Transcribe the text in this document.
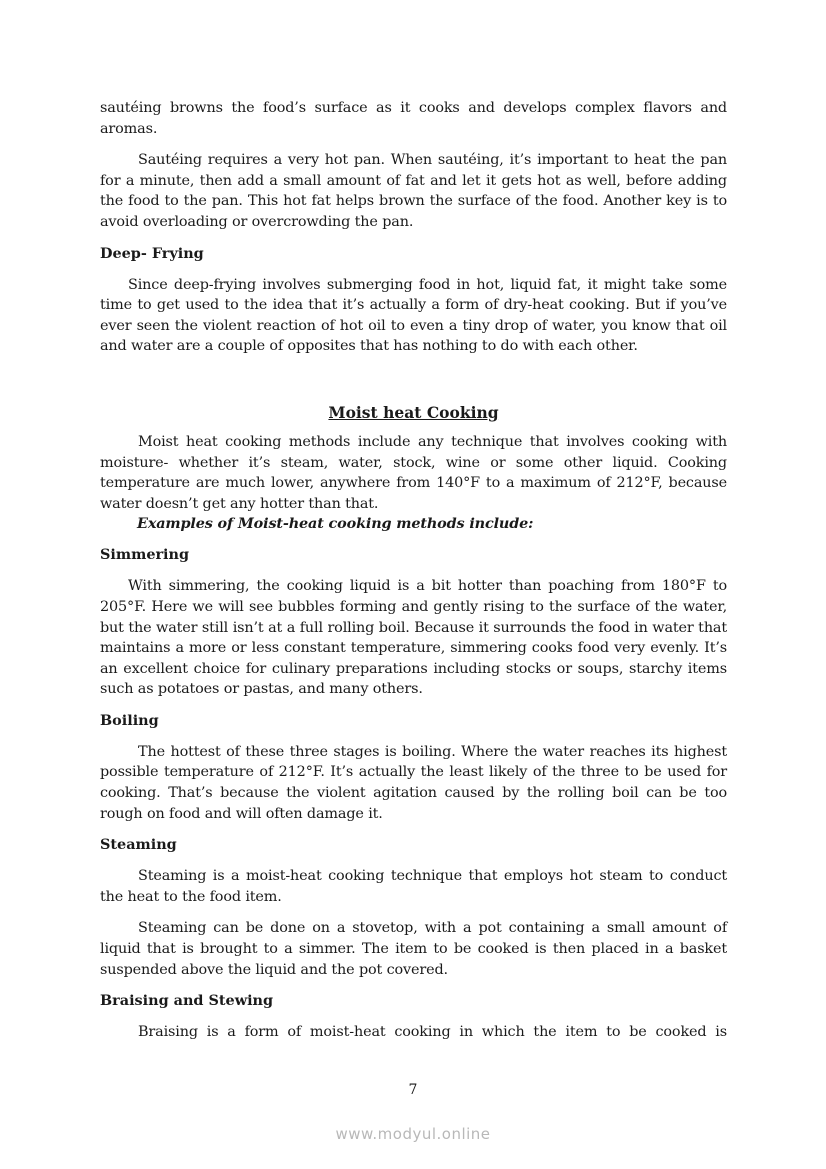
sautéing browns the food’s surface as it cooks and develops complex flavors and aromas.

Sautéing requires a very hot pan. When sautéing, it’s important to heat the pan for a minute, then add a small amount of fat and let it gets hot as well, before adding the food to the pan. This hot fat helps brown the surface of the food. Another key is to avoid overloading or overcrowding the pan.

Deep- Frying

Since deep-frying involves submerging food in hot, liquid fat, it might take some time to get used to the idea that it’s actually a form of dry-heat cooking. But if you’ve ever seen the violent reaction of hot oil to even a tiny drop of water, you know that oil and water are a couple of opposites that has nothing to do with each other.

Moist heat Cooking

Moist heat cooking methods include any technique that involves cooking with moisture- whether it’s steam, water, stock, wine or some other liquid. Cooking temperature are much lower, anywhere from 140°F to a maximum of 212°F, because water doesn’t get any hotter than that.

Examples of Moist-heat cooking methods include:

Simmering

With simmering, the cooking liquid is a bit hotter than poaching from 180°F to 205°F. Here we will see bubbles forming and gently rising to the surface of the water, but the water still isn’t at a full rolling boil. Because it surrounds the food in water that maintains a more or less constant temperature, simmering cooks food very evenly. It’s an excellent choice for culinary preparations including stocks or soups, starchy items such as potatoes or pastas, and many others.

Boiling

The hottest of these three stages is boiling. Where the water reaches its highest possible temperature of 212°F. It’s actually the least likely of the three to be used for cooking. That’s because the violent agitation caused by the rolling boil can be too rough on food and will often damage it.

Steaming

Steaming is a moist-heat cooking technique that employs hot steam to conduct the heat to the food item.

Steaming can be done on a stovetop, with a pot containing a small amount of liquid that is brought to a simmer. The item to be cooked is then placed in a basket suspended above the liquid and the pot covered.

Braising and Stewing

Braising is a form of moist-heat cooking in which the item to be cooked is

7
www.modyul.online
